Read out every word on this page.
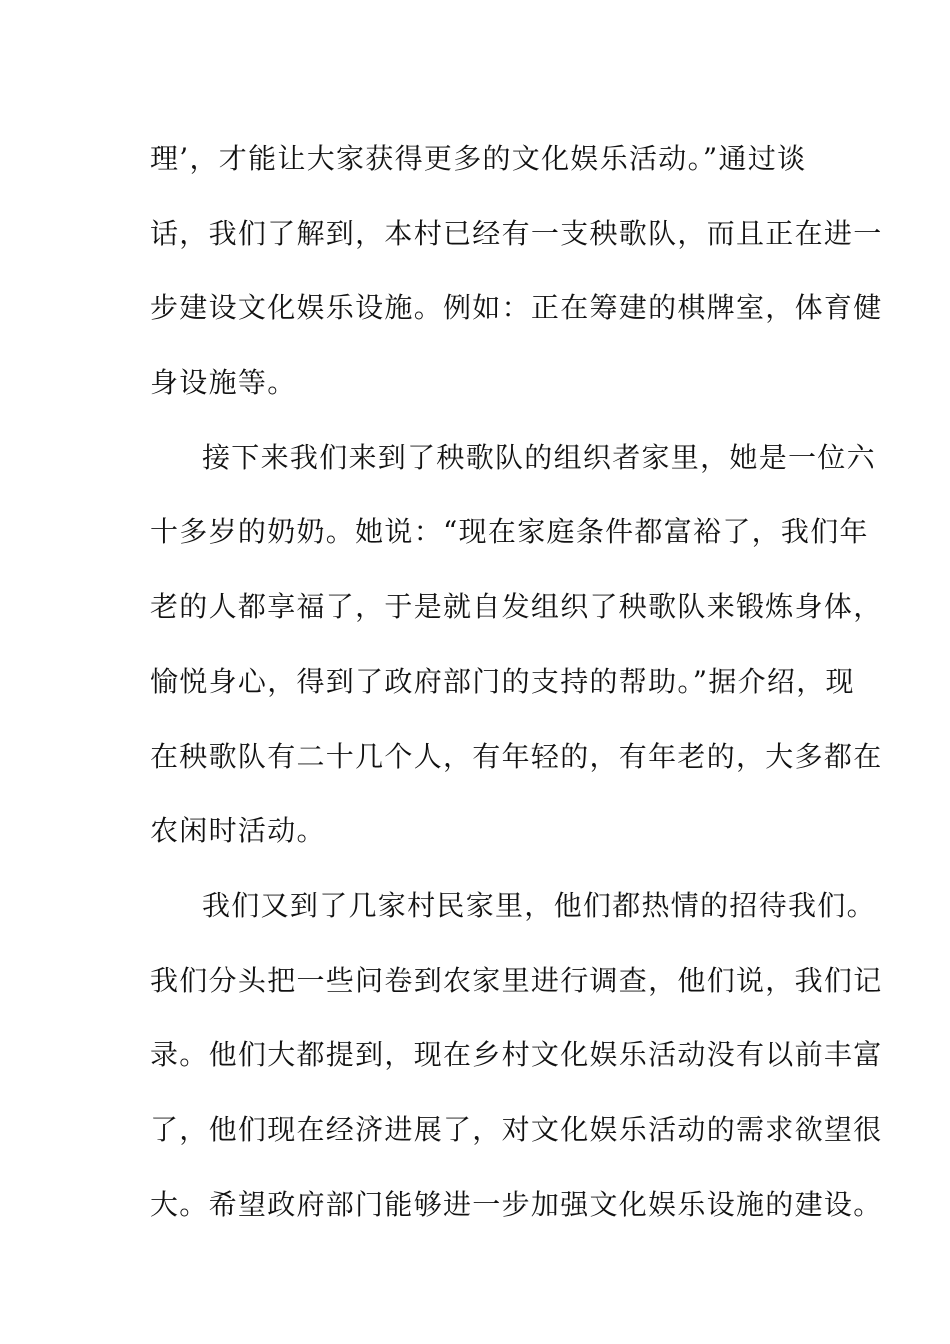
理’，才能让大家获得更多的文化娱乐活动。”通过谈
话，我们了解到，本村已经有一支秧歌队，而且正在进一
步建设文化娱乐设施。例如：正在筹建的棋牌室，体育健
身设施等。
接下来我们来到了秧歌队的组织者家里，她是一位六
十多岁的奶奶。她说：“现在家庭条件都富裕了，我们年
老的人都享福了，于是就自发组织了秧歌队来锻炼身体，
愉悦身心，得到了政府部门的支持的帮助。”据介绍，现
在秧歌队有二十几个人，有年轻的，有年老的，大多都在
农闲时活动。
我们又到了几家村民家里，他们都热情的招待我们。
我们分头把一些问卷到农家里进行调查，他们说，我们记
录。他们大都提到，现在乡村文化娱乐活动没有以前丰富
了，他们现在经济进展了，对文化娱乐活动的需求欲望很
大。希望政府部门能够进一步加强文化娱乐设施的建设。
